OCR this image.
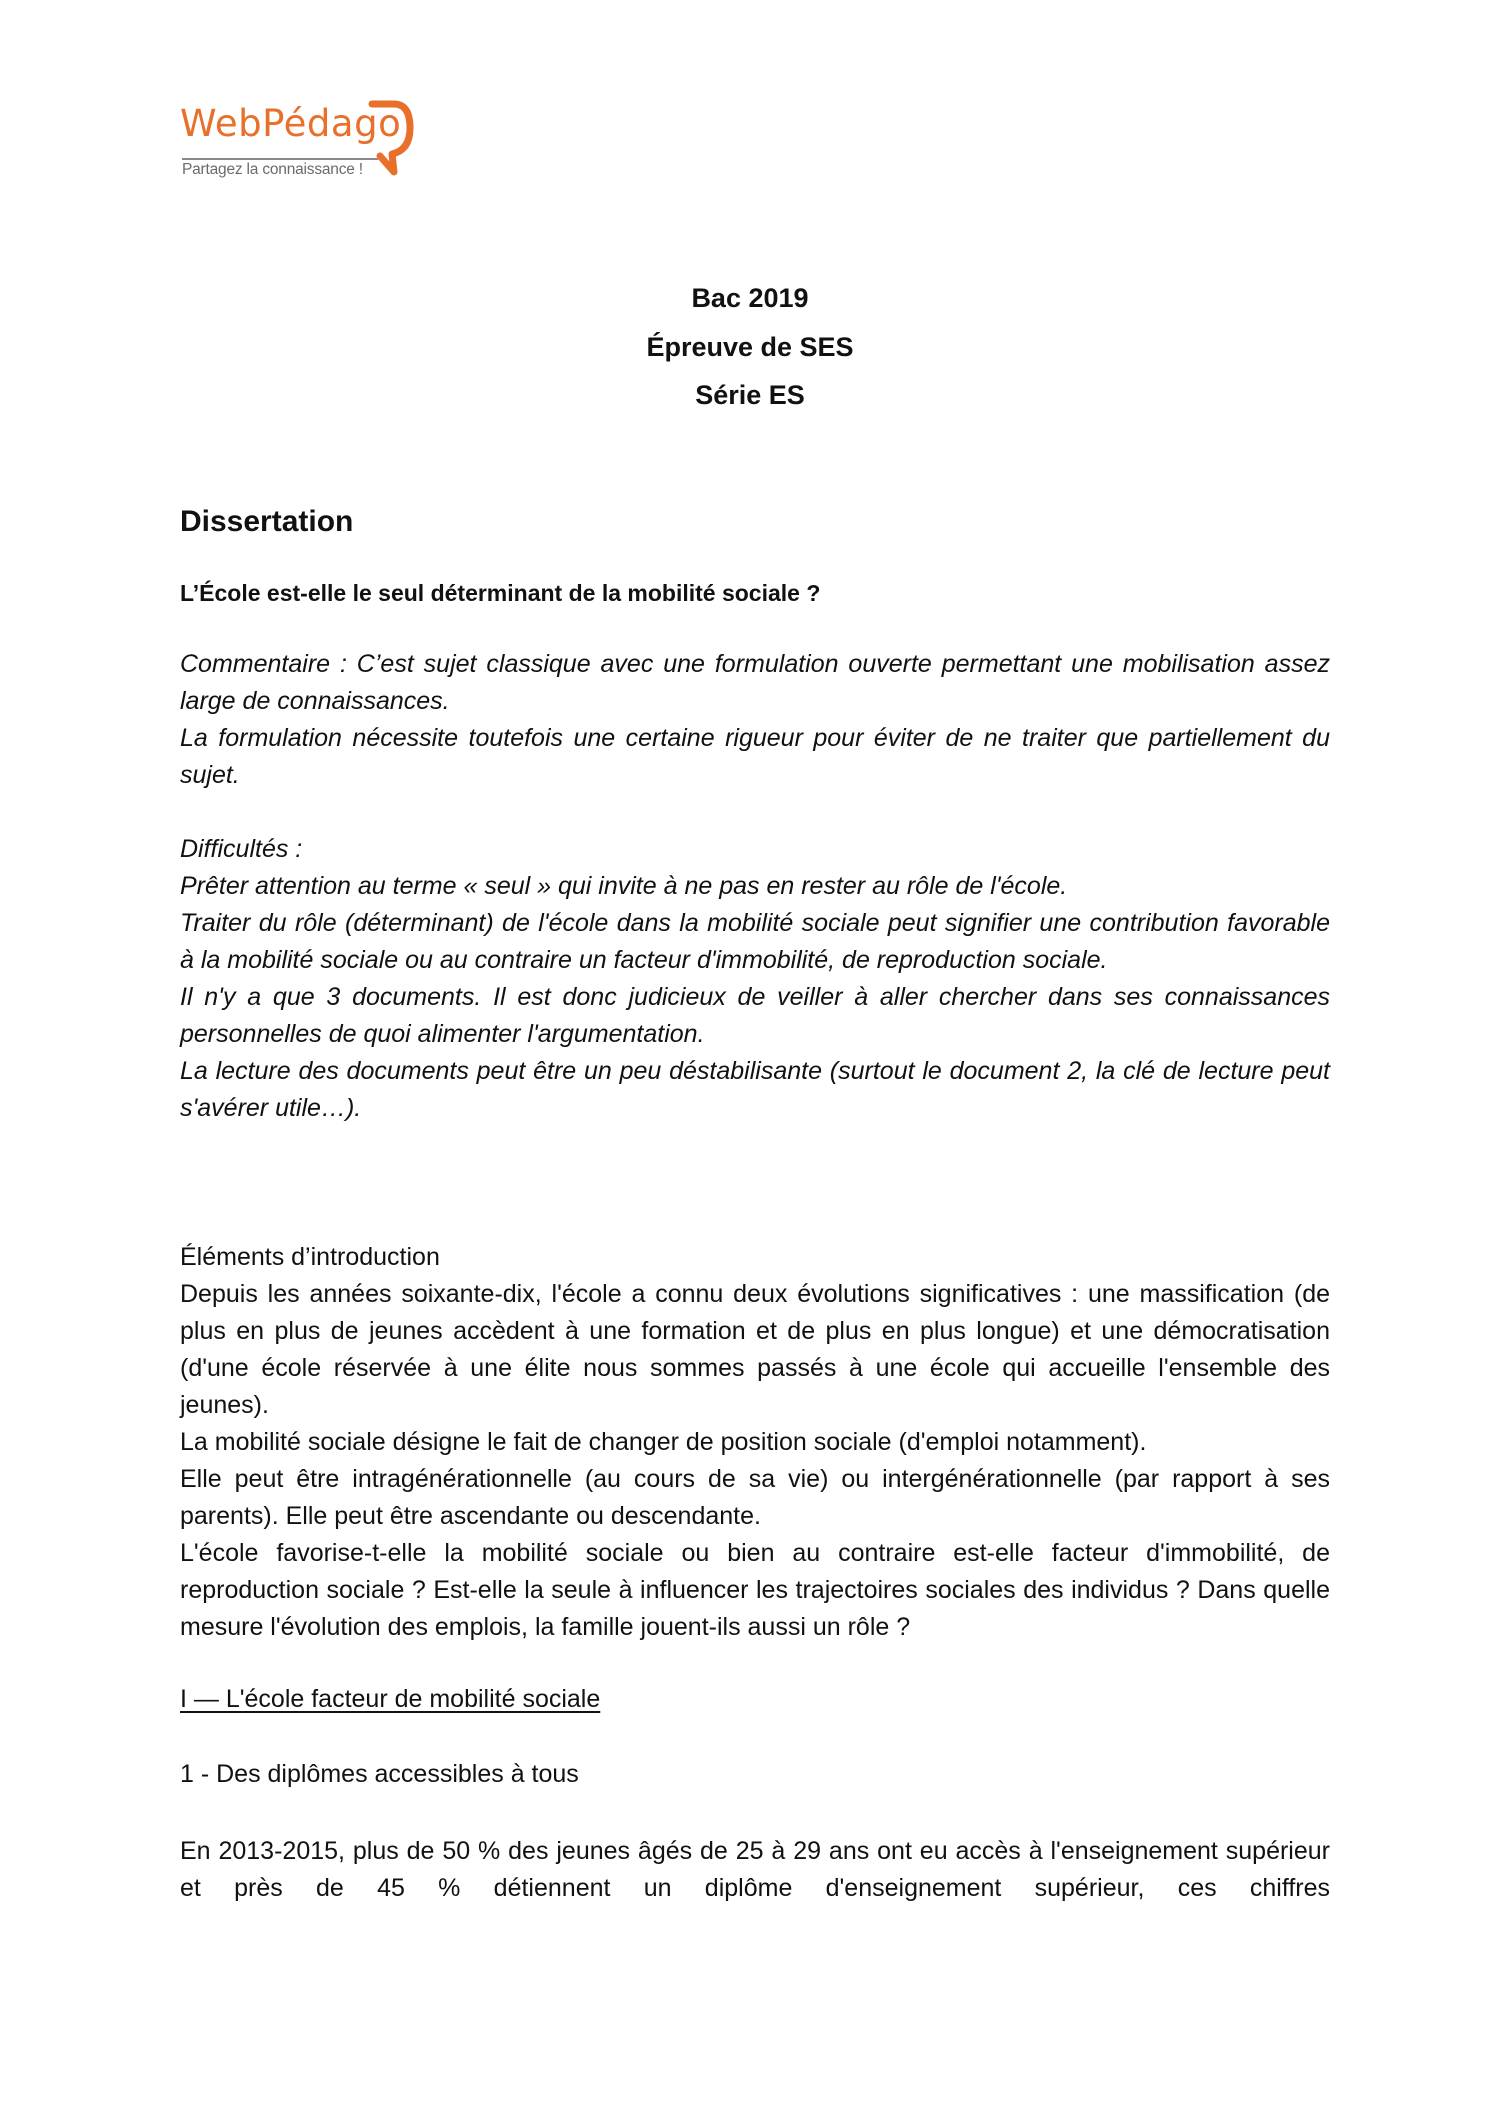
WebPédago
Partagez la connaissance !
Bac 2019
Épreuve de SES
Série ES
Dissertation
L’École est-elle le seul déterminant de la mobilité sociale ?

Commentaire : C’est sujet classique avec une formulation ouverte permettant une mobilisation assez large de connaissances.

La formulation nécessite toutefois une certaine rigueur pour éviter de ne traiter que partiellement du sujet.

Difficultés :

Prêter attention au terme « seul » qui invite à ne pas en rester au rôle de l'école.

Traiter du rôle (déterminant) de l'école dans la mobilité sociale peut signifier une contribution favorable à la mobilité sociale ou au contraire un facteur d'immobilité, de reproduction sociale.

Il n'y a que 3 documents. Il est donc judicieux de veiller à aller chercher dans ses connaissances personnelles de quoi alimenter l'argumentation.

La lecture des documents peut être un peu déstabilisante (surtout le document 2, la clé de lecture peut s'avérer utile…).

Éléments d’introduction

Depuis les années soixante-dix, l'école a connu deux évolutions significatives : une massification (de plus en plus de jeunes accèdent à une formation et de plus en plus longue) et une démocratisation (d'une école réservée à une élite nous sommes passés à une école qui accueille l'ensemble des jeunes).

La mobilité sociale désigne le fait de changer de position sociale (d'emploi notamment).

Elle peut être intragénérationnelle (au cours de sa vie) ou intergénérationnelle (par rapport à ses parents). Elle peut être ascendante ou descendante.

L'école favorise-t-elle la mobilité sociale ou bien au contraire est-elle facteur d'immobilité, de reproduction sociale ? Est-elle la seule à influencer les trajectoires sociales des individus ? Dans quelle mesure l'évolution des emplois, la famille jouent-ils aussi un rôle ?

I — L'école facteur de mobilité sociale
1 - Des diplômes accessibles à tous

En 2013-2015, plus de 50 % des jeunes âgés de 25 à 29 ans ont eu accès à l'enseignement supérieur et près de 45 % détiennent un diplôme d'enseignement supérieur, ces chiffres
